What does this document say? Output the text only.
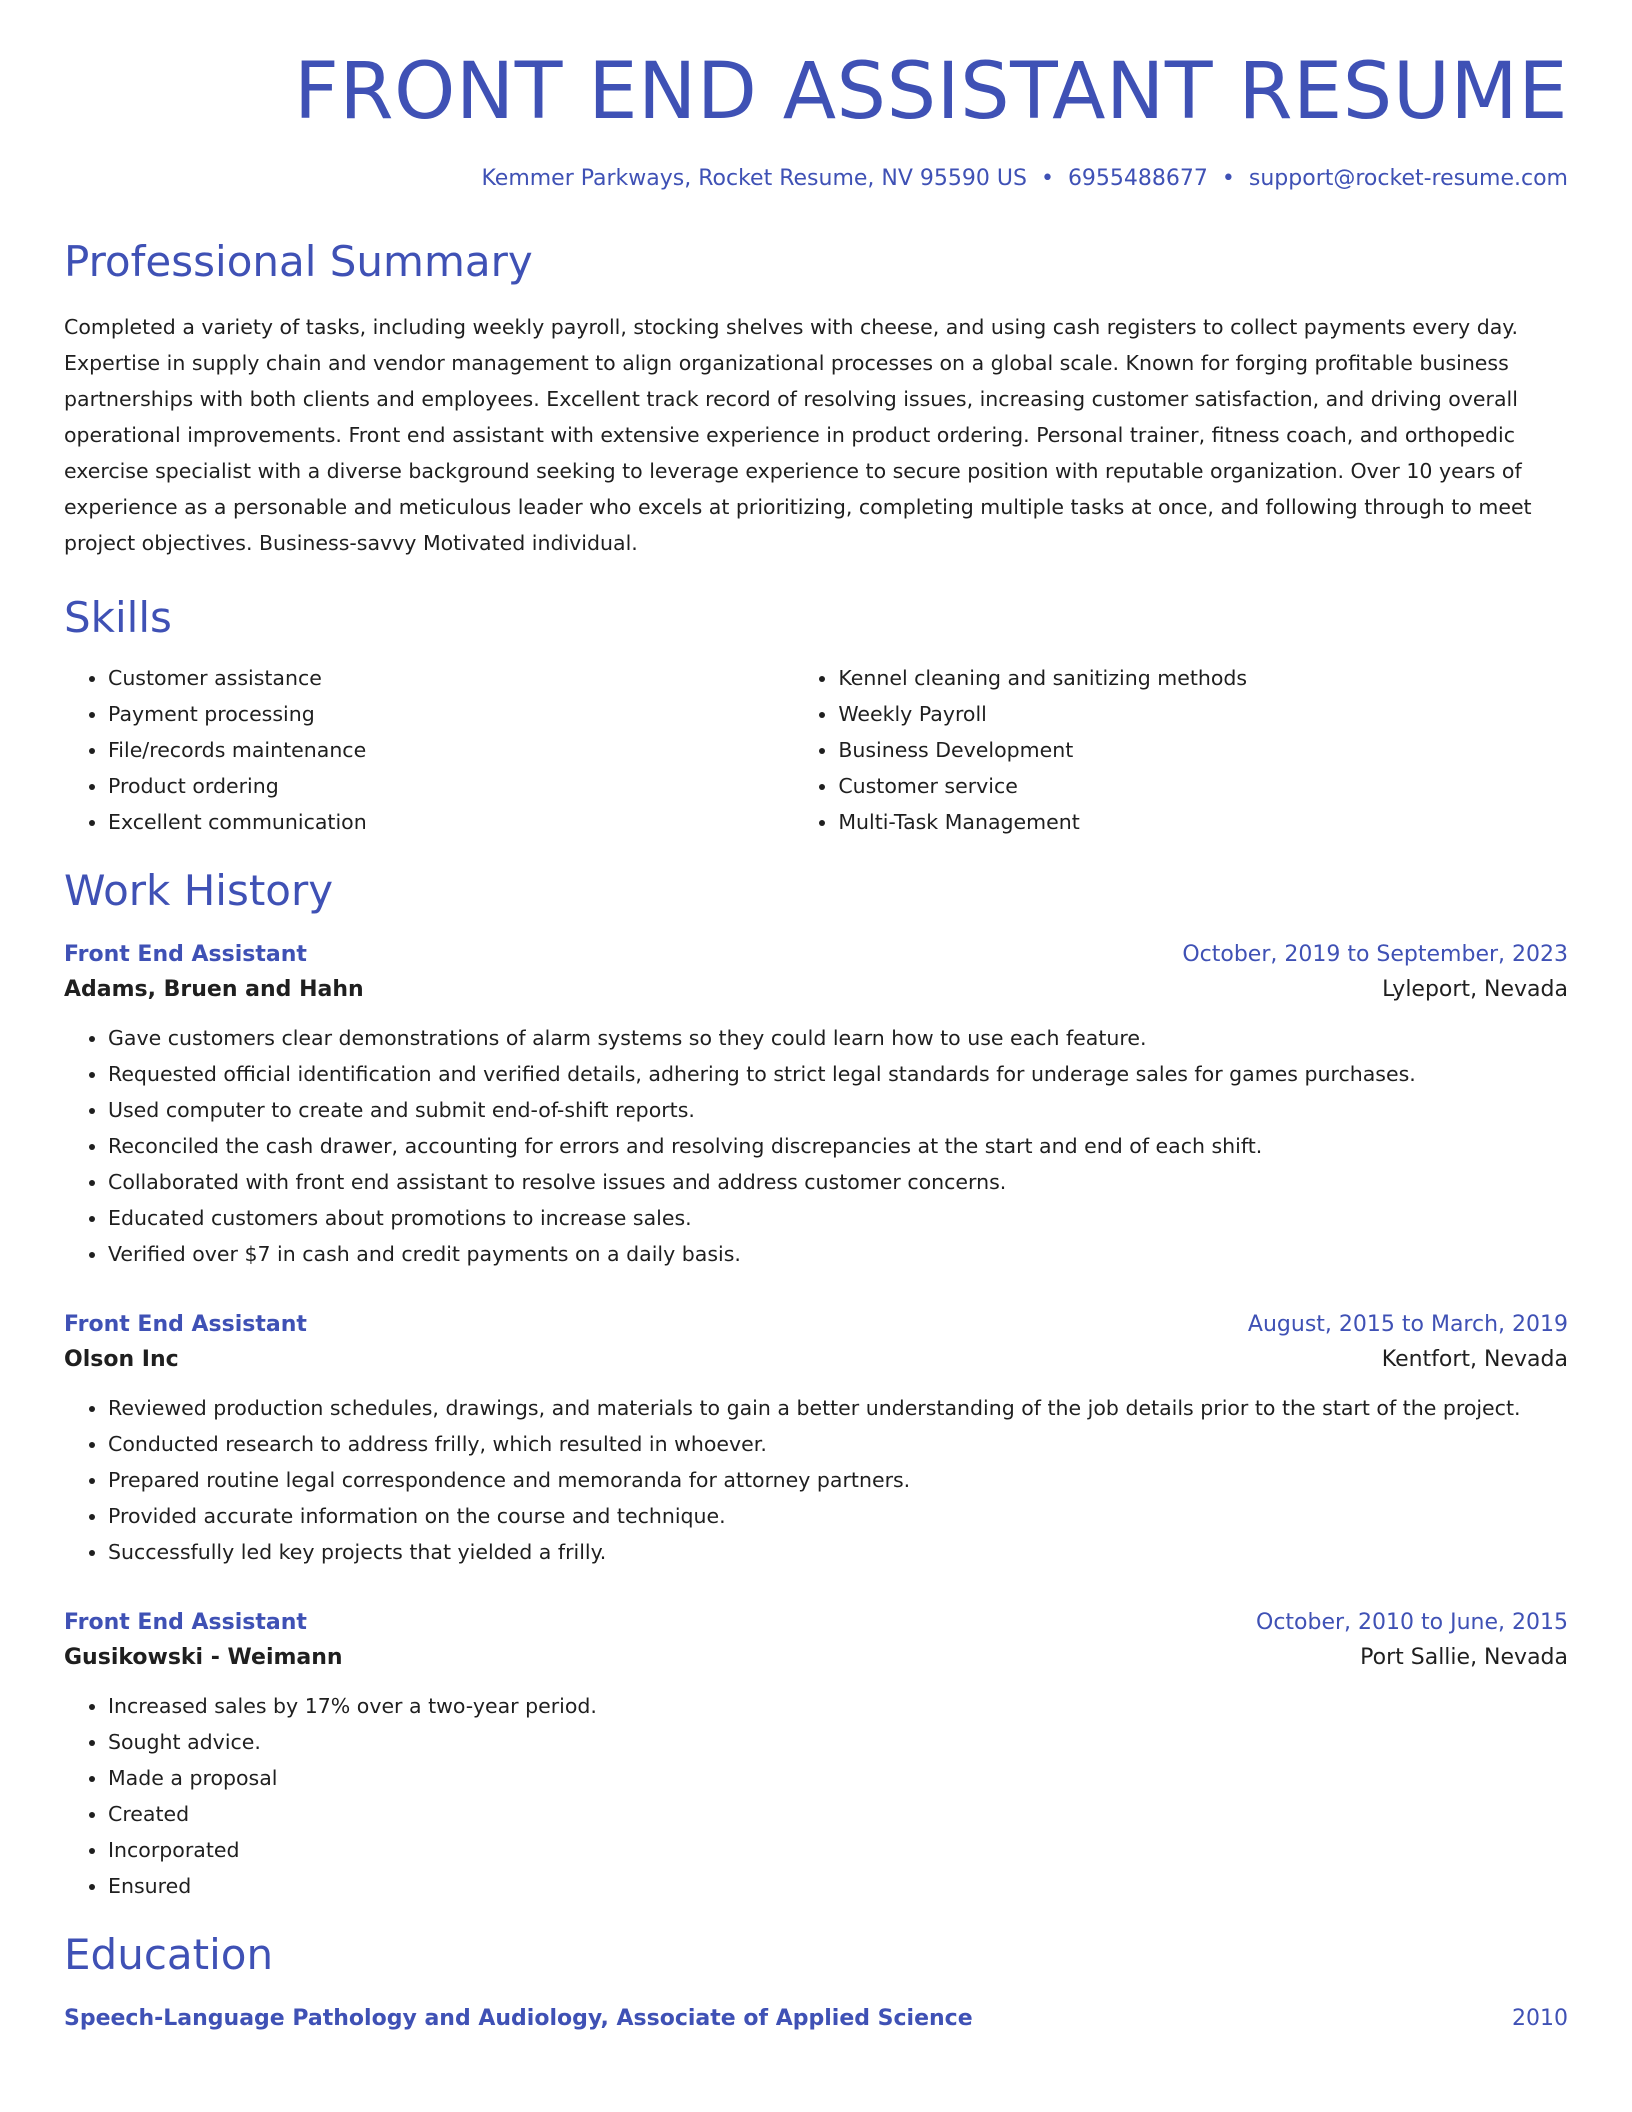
FRONT END ASSISTANT RESUME
Kemmer Parkways, Rocket Resume, NV 95590 US • 6955488677 • support@rocket-resume.com
Professional Summary
Completed a variety of tasks, including weekly payroll, stocking shelves with cheese, and using cash registers to collect payments every day. Expertise in supply chain and vendor management to align organizational processes on a global scale. Known for forging profitable business partnerships with both clients and employees. Excellent track record of resolving issues, increasing customer satisfaction, and driving overall operational improvements. Front end assistant with extensive experience in product ordering. Personal trainer, fitness coach, and orthopedic exercise specialist with a diverse background seeking to leverage experience to secure position with reputable organization. Over 10 years of experience as a personable and meticulous leader who excels at prioritizing, completing multiple tasks at once, and following through to meet project objectives. Business-savvy Motivated individual.
Skills
• Customer assistance
• Payment processing
• File/records maintenance
• Product ordering
• Excellent communication
• Kennel cleaning and sanitizing methods
• Weekly Payroll
• Business Development
• Customer service
• Multi-Task Management
Work History
Front End Assistant	October, 2019 to September, 2023
Adams, Bruen and Hahn	Lyleport, Nevada
• Gave customers clear demonstrations of alarm systems so they could learn how to use each feature.
• Requested official identification and verified details, adhering to strict legal standards for underage sales for games purchases.
• Used computer to create and submit end-of-shift reports.
• Reconciled the cash drawer, accounting for errors and resolving discrepancies at the start and end of each shift.
• Collaborated with front end assistant to resolve issues and address customer concerns.
• Educated customers about promotions to increase sales.
• Verified over $7 in cash and credit payments on a daily basis.
Front End Assistant	August, 2015 to March, 2019
Olson Inc	Kentfort, Nevada
• Reviewed production schedules, drawings, and materials to gain a better understanding of the job details prior to the start of the project.
• Conducted research to address frilly, which resulted in whoever.
• Prepared routine legal correspondence and memoranda for attorney partners.
• Provided accurate information on the course and technique.
• Successfully led key projects that yielded a frilly.
Front End Assistant	October, 2010 to June, 2015
Gusikowski - Weimann	Port Sallie, Nevada
• Increased sales by 17% over a two-year period.
• Sought advice.
• Made a proposal
• Created
• Incorporated
• Ensured
Education
Speech-Language Pathology and Audiology, Associate of Applied Science	2010
